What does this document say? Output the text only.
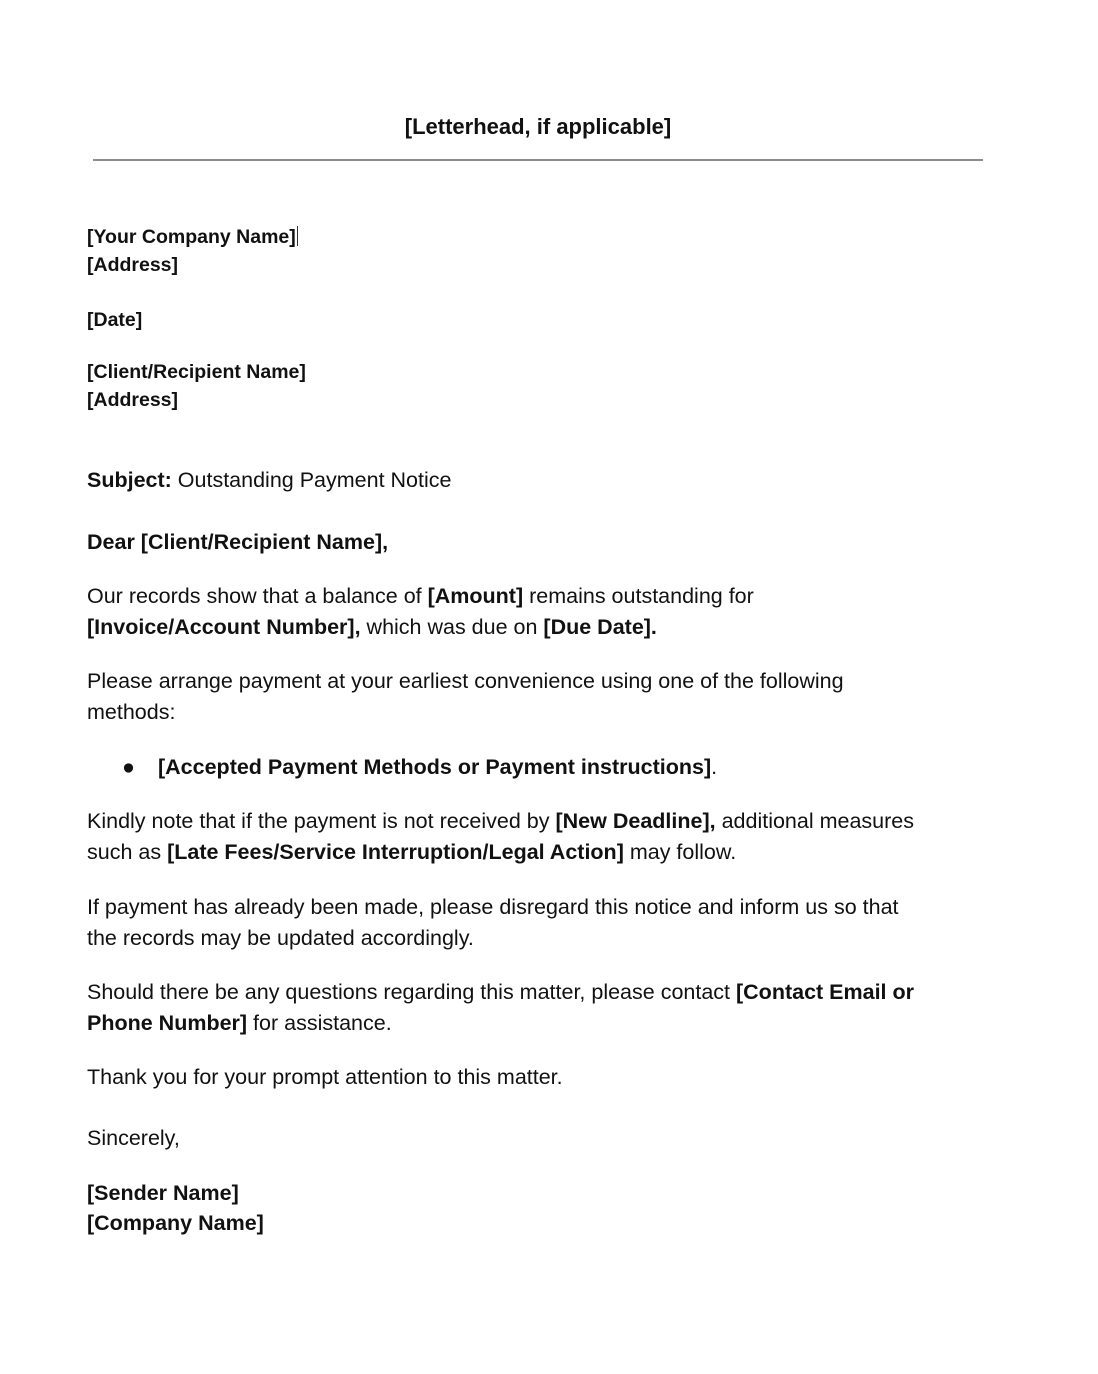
[Letterhead, if applicable]
[Your Company Name]
[Address]
[Date]
[Client/Recipient Name]
[Address]
Subject: Outstanding Payment Notice
Dear [Client/Recipient Name],
Our records show that a balance of [Amount] remains outstanding for
[Invoice/Account Number], which was due on [Due Date].
Please arrange payment at your earliest convenience using one of the following
methods:
● [Accepted Payment Methods or Payment instructions].
Kindly note that if the payment is not received by [New Deadline], additional measures
such as [Late Fees/Service Interruption/Legal Action] may follow.
If payment has already been made, please disregard this notice and inform us so that
the records may be updated accordingly.
Should there be any questions regarding this matter, please contact [Contact Email or
Phone Number] for assistance.
Thank you for your prompt attention to this matter.
Sincerely,
[Sender Name]
[Company Name]
